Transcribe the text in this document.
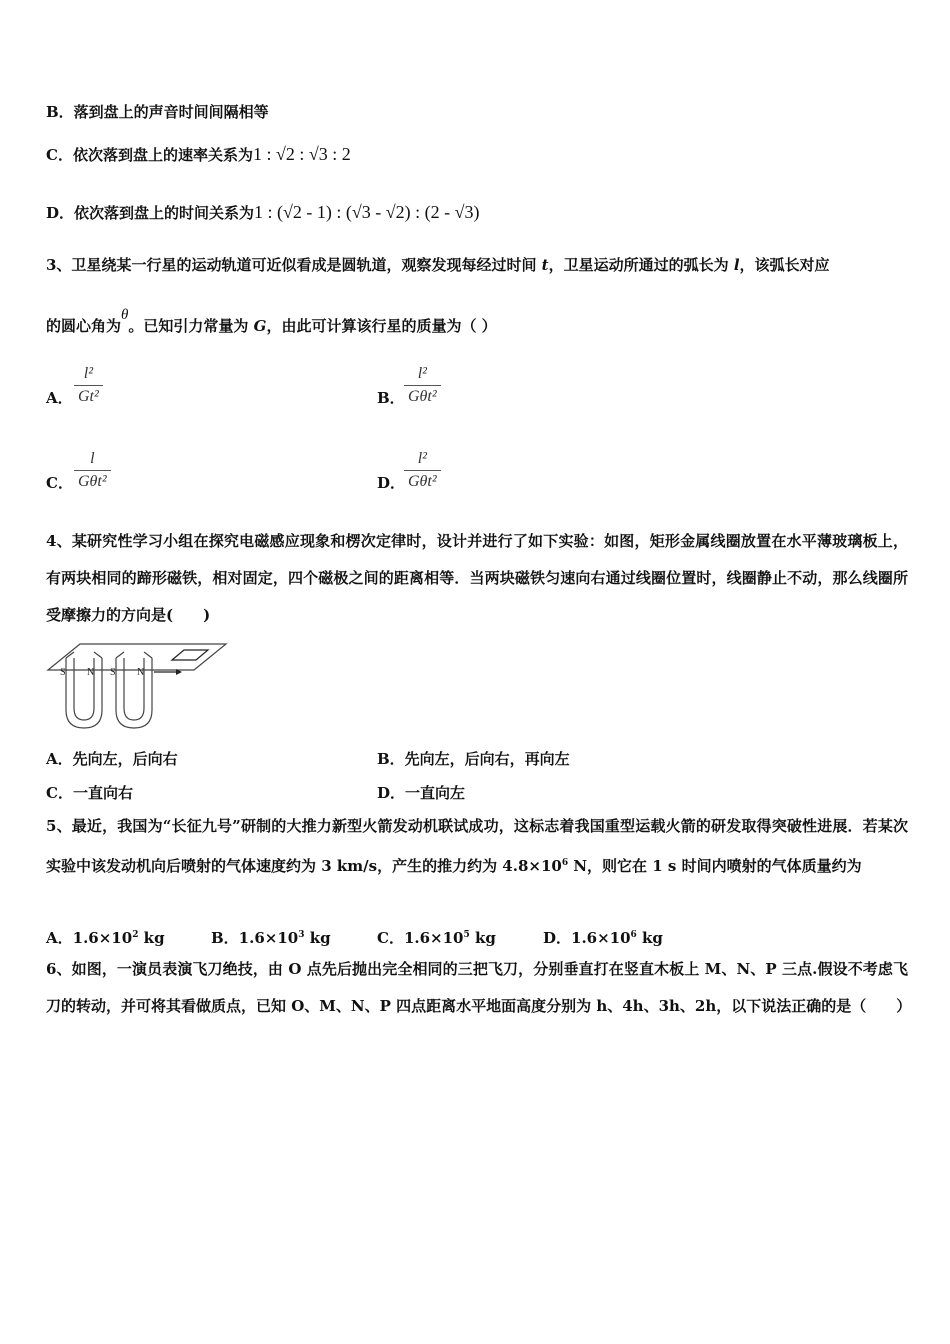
B．落到盘上的声音时间间隔相等
C．依次落到盘上的速率关系为1 : √2 : √3 : 2
D．依次落到盘上的时间关系为1 : (√2 - 1) : (√3 - √2) : (2 - √3)
3、卫星绕某一行星的运动轨道可近似看成是圆轨道，观察发现每经过时间 t，卫星运动所通过的弧长为 l，该弧长对应
的圆心角为θ。已知引力常量为 G，由此可计算该行星的质量为（ ）
A． $\frac{\text{l²}}{\text{Gt²}}$	B．
l²
Gθt²
C．
l
Gθt²	D．
l²
Gθt²
4、某研究性学习小组在探究电磁感应现象和楞次定律时，设计并进行了如下实验：如图，矩形金属线圈放置在水平薄玻璃板上，有两块相同的蹄形磁铁，相对固定，四个磁极之间的距离相等．当两块磁铁匀速向右通过线圈位置时，线圈静止不动，那么线圈所受摩擦力的方向是(　　)
S N S N
A．先向左，后向右	B．先向左，后向右，再向左
C．一直向右	D．一直向左
5、最近，我国为“长征九号”研制的大推力新型火箭发动机联试成功，这标志着我国重型运载火箭的研发取得突破性进展．若某次实验中该发动机向后喷射的气体速度约为 3 km/s，产生的推力约为 $4.8\times 10^6$ N，则它在 1 s 时间内喷射的气体质量约为
A．$1.6\times 10^2$ kg	B．$1.6\times 10^3$ kg	C．$1.6\times 10^5$ kg	D．$1.6\times 10^6$ kg
6、如图，一演员表演飞刀绝技，由 O 点先后抛出完全相同的三把飞刀，分别垂直打在竖直木板上 M、N、P 三点.假设不考虑飞刀的转动，并可将其看做质点，已知 O、M、N、P 四点距离水平地面高度分别为 h、4h、3h、2h，以下说法正确的是（　　）
